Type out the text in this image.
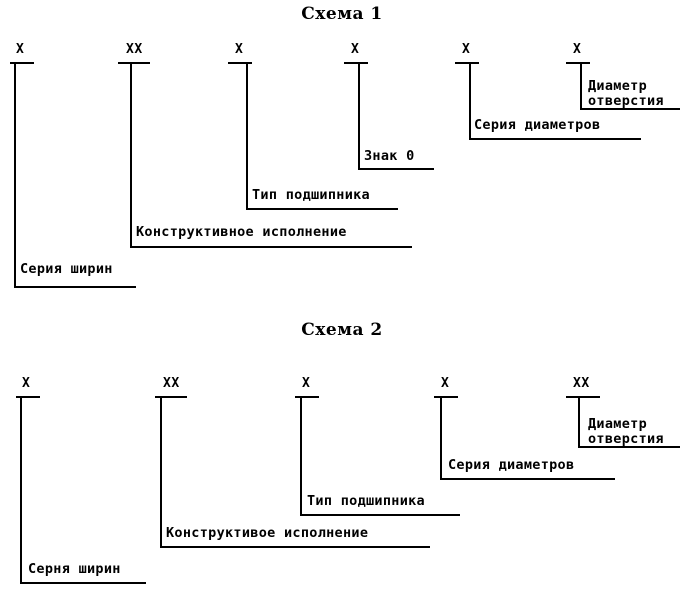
Схема 1
X	XX	X	X	X	X
Серия ширин
Конструктивное исполнение
Тип подшипника
Знак 0
Серия диаметров
Диаметр
отверстия
Схема 2
X	XX	X	X	XX
Серня ширин
Конструктивое исполнение
Тип подшипника
Серия диаметров
Диаметр
отверстия
